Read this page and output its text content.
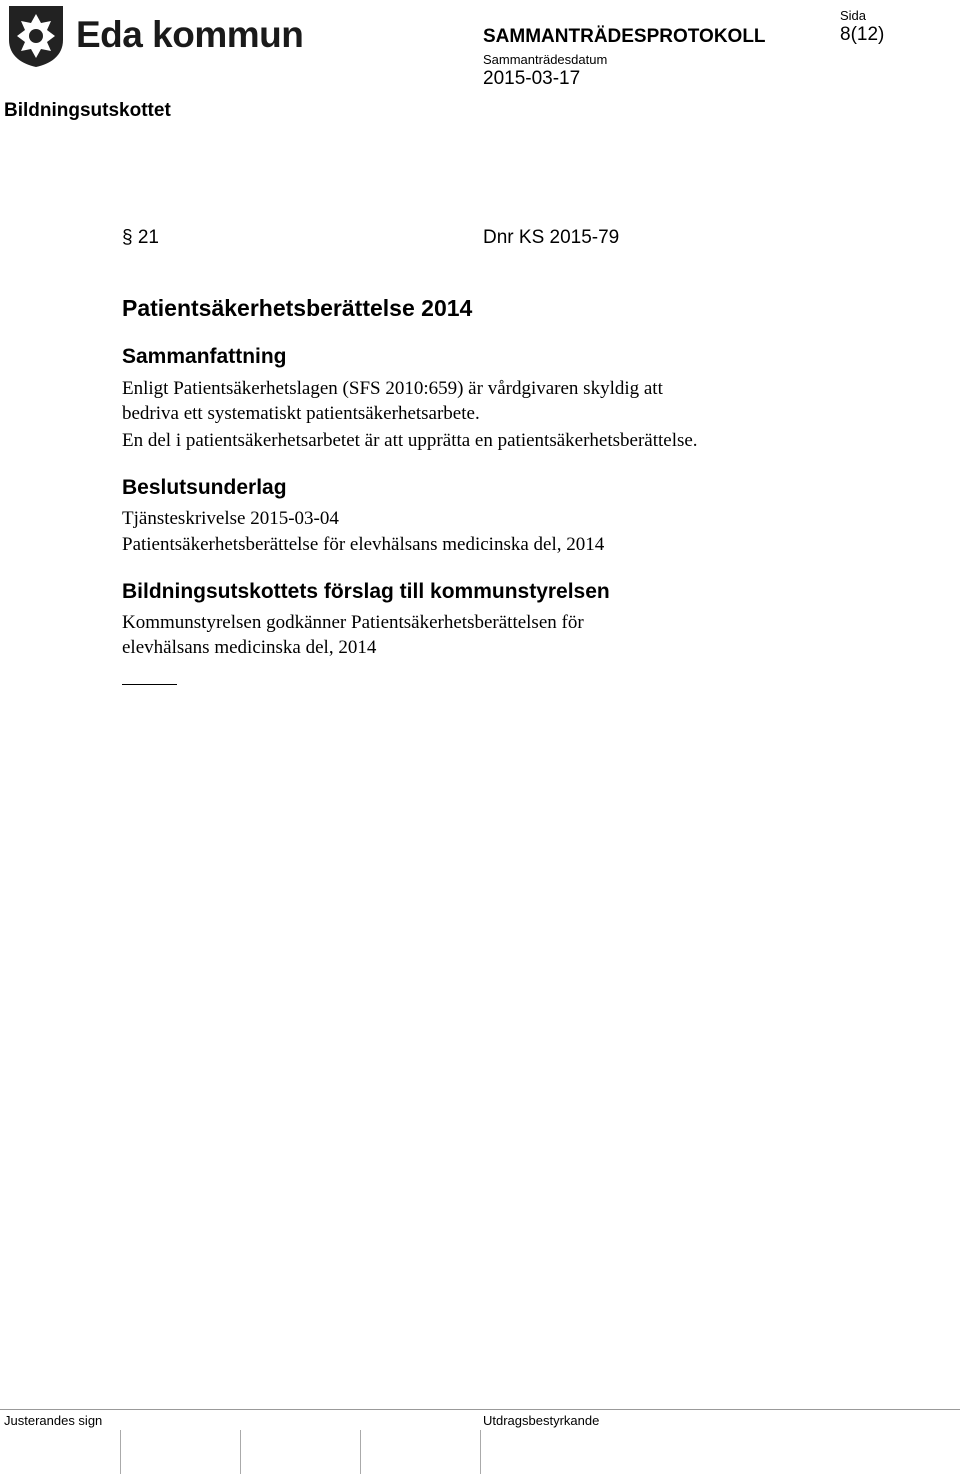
Eda kommun	SAMMANTRÄDESPROTOKOLL
Sammanträdesdatum
2015-03-17
Sida
8(12)
Bildningsutskottet
§ 21	Dnr KS 2015-79
Patientsäkerhetsberättelse 2014
Sammanfattning
Enligt Patientsäkerhetslagen (SFS 2010:659) är vårdgivaren skyldig att
bedriva ett systematiskt patientsäkerhetsarbete.
En del i patientsäkerhetsarbetet är att upprätta en patientsäkerhetsberättelse.
Beslutsunderlag
Tjänsteskrivelse 2015-03-04
Patientsäkerhetsberättelse för elevhälsans medicinska del, 2014
Bildningsutskottets förslag till kommunstyrelsen
Kommunstyrelsen godkänner Patientsäkerhetsberättelsen för
elevhälsans medicinska del, 2014
Justerandes sign	Utdragsbestyrkande
